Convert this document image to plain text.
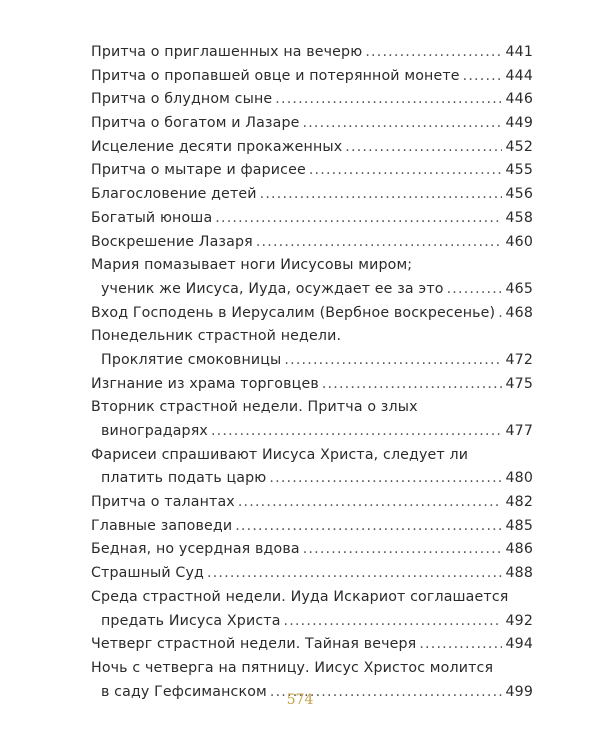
Притча о приглашенных на вечерю .....	441
Притча о пропавшей овце и потерянной монете .....	444
Притча о блудном сыне .....	446
Притча о богатом и Лазаре .....	449
Исцеление десяти прокаженных .....	452
Притча о мытаре и фарисее .....	455
Благословение детей .....	456
Богатый юноша .....	458
Воскрешение Лазаря .....	460
Мария помазывает ноги Иисусовы миром;
ученик же Иисуса, Иуда, осуждает ее за это .....	465
Вход Господень в Иерусалим (Вербное воскресенье) ..... 468
Понедельник страстной недели.
Проклятие смоковницы .....	472
Изгнание из храма торговцев .....	475
Вторник страстной недели. Притча о злых
виноградарях .....	477
Фарисеи спрашивают Иисуса Христа, следует ли
платить подать царю .....	480
Притча о талантах .....	482
Главные заповеди .....	485
Бедная, но усердная вдова .....	486
Страшный Суд .....	488
Среда страстной недели. Иуда Искариот соглашается
предать Иисуса Христа .....	492
Четверг страстной недели. Тайная вечеря .....	494
Ночь с четверга на пятницу. Иисус Христос молится
в саду Гефсиманском .....	499
574
